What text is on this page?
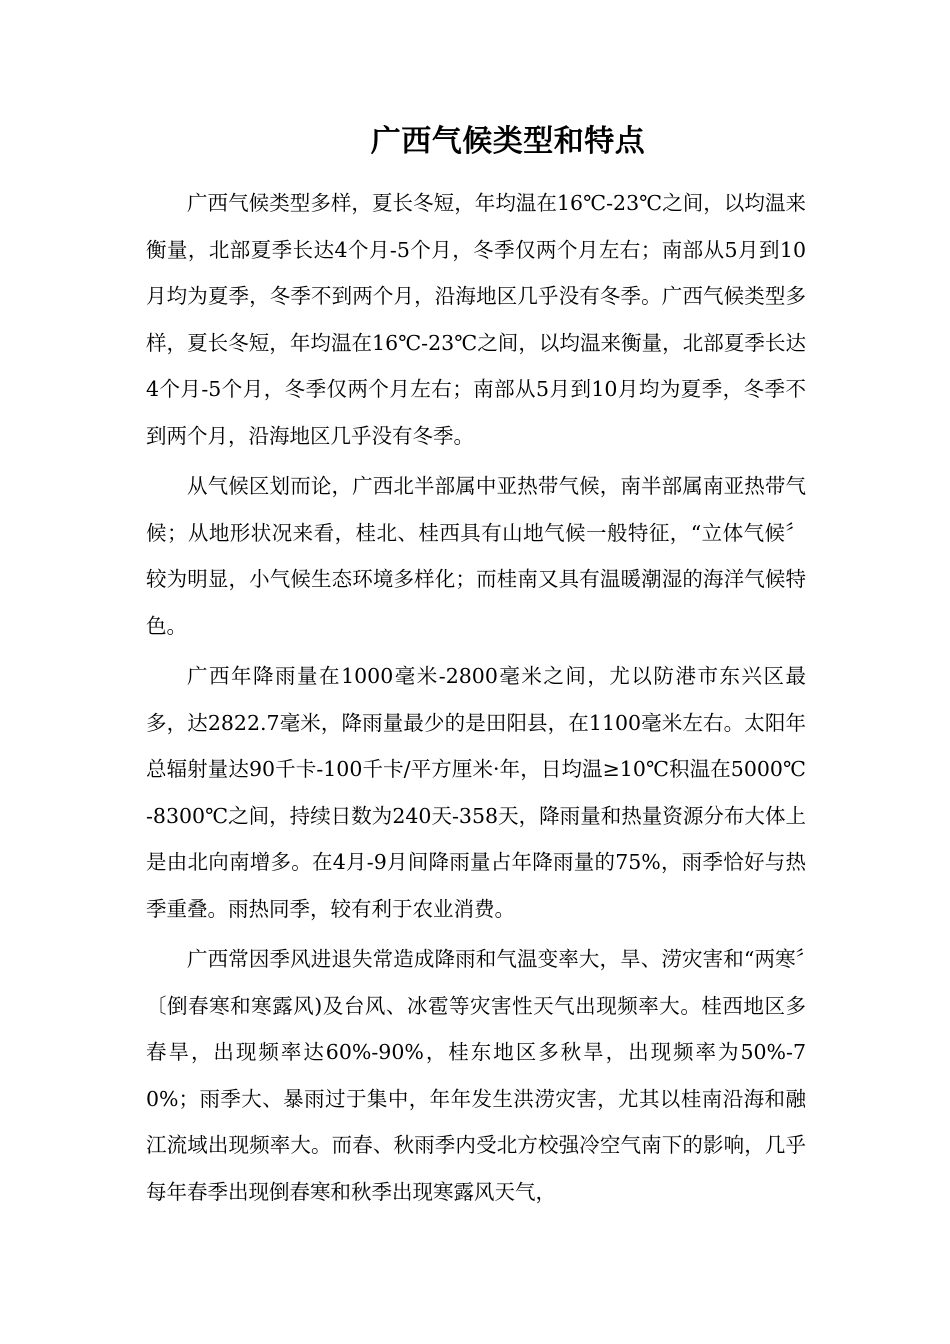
广西气候类型和特点

广西气候类型多样，夏长冬短，年均温在16℃-23℃之间，以均温来衡量，北部夏季长达4个月-5个月，冬季仅两个月左右；南部从5月到10月均为夏季，冬季不到两个月，沿海地区几乎没有冬季。广西气候类型多样，夏长冬短，年均温在16℃-23℃之间，以均温来衡量，北部夏季长达4个月-5个月，冬季仅两个月左右；南部从5月到10月均为夏季，冬季不到两个月，沿海地区几乎没有冬季。

从气候区划而论，广西北半部属中亚热带气候，南半部属南亚热带气候；从地形状况来看，桂北、桂西具有山地气候一般特征，“立体气候〞较为明显，小气候生态环境多样化；而桂南又具有温暖潮湿的海洋气候特色。

广西年降雨量在1000毫米-2800毫米之间，尤以防港市东兴区最多，达2822.7毫米，降雨量最少的是田阳县，在1100毫米左右。太阳年总辐射量达90千卡-100千卡/平方厘米·年，日均温≥10℃积温在5000℃-8300℃之间，持续日数为240天-358天，降雨量和热量资源分布大体上是由北向南增多。在4月-9月间降雨量占年降雨量的75%，雨季恰好与热季重叠。雨热同季，较有利于农业消费。

广西常因季风进退失常造成降雨和气温变率大，旱、涝灾害和“两寒〞〔倒春寒和寒露风)及台风、冰雹等灾害性天气出现频率大。桂西地区多春旱，出现频率达60%-90%，桂东地区多秋旱，出现频率为50%-70%；雨季大、暴雨过于集中，年年发生洪涝灾害，尤其以桂南沿海和融江流域出现频率大。而春、秋雨季内受北方校强冷空气南下的影响，几乎每年春季出现倒春寒和秋季出现寒露风天气，
